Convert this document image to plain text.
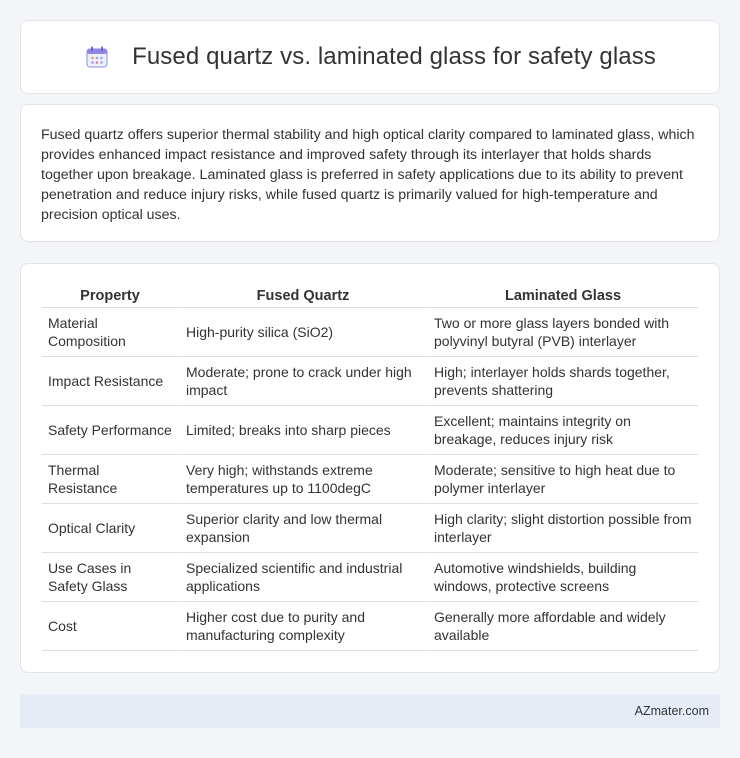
Fused quartz vs. laminated glass for safety glass

Fused quartz offers superior thermal stability and high optical clarity compared to laminated glass, which provides enhanced impact resistance and improved safety through its interlayer that holds shards together upon breakage. Laminated glass is preferred in safety applications due to its ability to prevent penetration and reduce injury risks, while fused quartz is primarily valued for high-temperature and precision optical uses.

Property	Fused Quartz	Laminated Glass
Material Composition	High-purity silica (SiO2)	Two or more glass layers bonded with polyvinyl butyral (PVB) interlayer
Impact Resistance	Moderate; prone to crack under high impact	High; interlayer holds shards together, prevents shattering
Safety Performance	Limited; breaks into sharp pieces	Excellent; maintains integrity on breakage, reduces injury risk
Thermal Resistance	Very high; withstands extreme temperatures up to 1100degC	Moderate; sensitive to high heat due to polymer interlayer
Optical Clarity	Superior clarity and low thermal expansion	High clarity; slight distortion possible from interlayer
Use Cases in Safety Glass	Specialized scientific and industrial applications	Automotive windshields, building windows, protective screens
Cost	Higher cost due to purity and manufacturing complexity	Generally more affordable and widely available
AZmater.com
